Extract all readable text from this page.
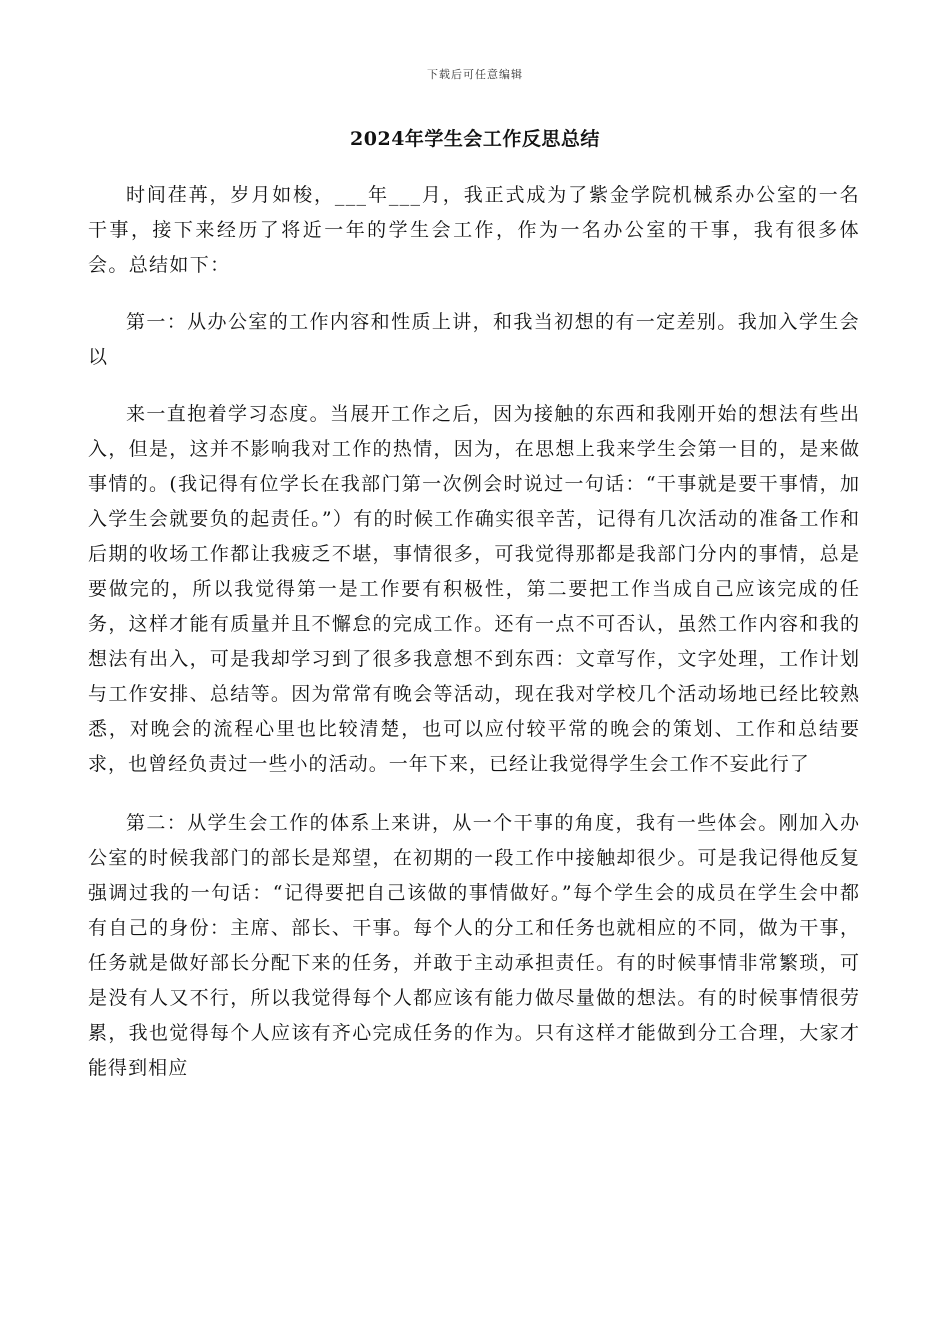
下载后可任意编辑
2024年学生会工作反思总结

时间荏苒，岁月如梭，___年___月，我正式成为了紫金学院机械系办公室的一名干事，接下来经历了将近一年的学生会工作，作为一名办公室的干事，我有很多体会。总结如下：

第一：从办公室的工作内容和性质上讲，和我当初想的有一定差别。我加入学生会以

来一直抱着学习态度。当展开工作之后，因为接触的东西和我刚开始的想法有些出入，但是，这并不影响我对工作的热情，因为，在思想上我来学生会第一目的，是来做事情的。(我记得有位学长在我部门第一次例会时说过一句话：“干事就是要干事情，加入学生会就要负的起责任。”）有的时候工作确实很辛苦，记得有几次活动的准备工作和后期的收场工作都让我疲乏不堪，事情很多，可我觉得那都是我部门分内的事情，总是要做完的，所以我觉得第一是工作要有积极性，第二要把工作当成自己应该完成的任务，这样才能有质量并且不懈怠的完成工作。还有一点不可否认，虽然工作内容和我的想法有出入，可是我却学习到了很多我意想不到东西：文章写作，文字处理，工作计划与工作安排、总结等。因为常常有晚会等活动，现在我对学校几个活动场地已经比较熟悉，对晚会的流程心里也比较清楚，也可以应付较平常的晚会的策划、工作和总结要求，也曾经负责过一些小的活动。一年下来，已经让我觉得学生会工作不妄此行了

第二：从学生会工作的体系上来讲，从一个干事的角度，我有一些体会。刚加入办公室的时候我部门的部长是郑望，在初期的一段工作中接触却很少。可是我记得他反复强调过我的一句话：“记得要把自己该做的事情做好。”每个学生会的成员在学生会中都有自己的身份：主席、部长、干事。每个人的分工和任务也就相应的不同，做为干事，任务就是做好部长分配下来的任务，并敢于主动承担责任。有的时候事情非常繁琐，可是没有人又不行，所以我觉得每个人都应该有能力做尽量做的想法。有的时候事情很劳累，我也觉得每个人应该有齐心完成任务的作为。只有这样才能做到分工合理，大家才能得到相应
